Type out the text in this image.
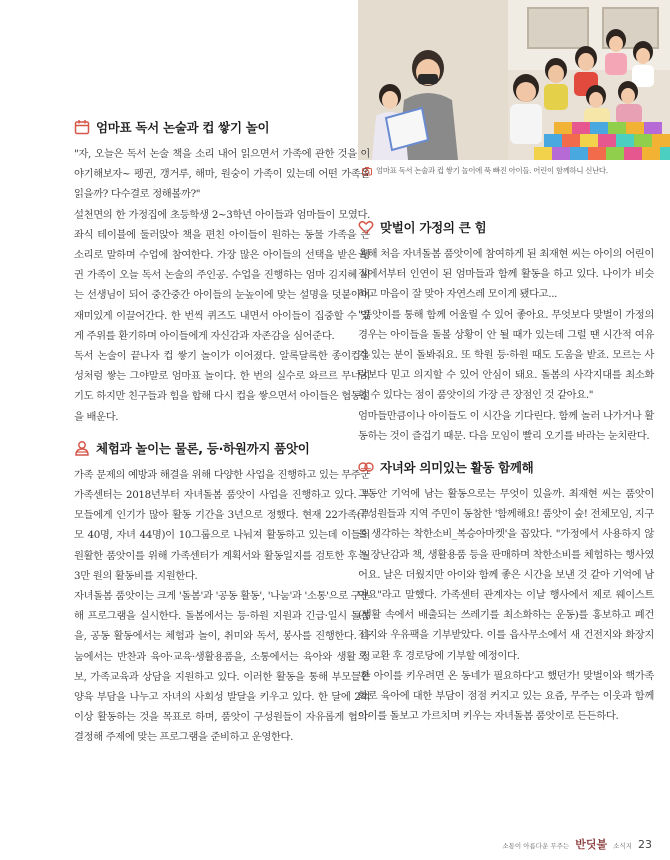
엄마표 독서 논술과 컵 쌓기 놀이에 푹 빠진 아이들. 어린이 함께하니 신난다.
엄마표 독서 논술과 컵 쌓기 놀이

"자, 오늘은 독서 논술 책을 소리 내어 읽으면서 가족에 관한 것을 이야기해보자~ 펭귄, 갱거루, 해마, 원숭이 가족이 있는데 어떤 가족을 읽을까? 다수결로 정해볼까?"

설천면의 한 가정집에 초등학생 2~3학년 아이들과 엄마들이 모였다. 좌식 테이블에 둘러앉아 책을 편친 아이들이 원하는 동물 가족을 큰 소리로 말하며 수업에 참여한다. 가장 많은 아이들의 선택을 받은 펭귄 가족이 오늘 독서 논술의 주인공. 수업을 진행하는 엄마 김지혜 씨는 선생님이 되어 중간중간 아이들의 눈높이에 맞는 설명을 덧붙이며 재미있게 이끌어간다. 한 번씩 퀴즈도 내면서 아이들이 집중할 수 있게 주위를 환기하며 아이들에게 자신감과 자존감을 심어준다.

독서 논술이 끝나자 컵 쌓기 놀이가 이어졌다. 알록달록한 종이컵을 성처럼 쌓는 그야말로 엄마표 놀이다. 한 번의 실수로 와르르 무너지기도 하지만 친구들과 힘을 합해 다시 컵을 쌓으면서 아이들은 협동심을 배운다.

체험과 놀이는 물론, 등·하원까지 품앗이

가족 문제의 예방과 해결을 위해 다양한 사업을 진행하고 있는 무주군가족센터는 2018년부터 자녀돌봄 품앗이 사업을 진행하고 있다. 부모들에게 인기가 많아 활동 기간을 3년으로 정했다. 현재 22가족(부모 40명, 자녀 44명)이 10그룹으로 나눠져 활동하고 있는데 이들의 원활한 품앗이를 위해 가족센터가 계획서와 활동일지를 검토한 후 월 3만 원의 활동비를 지원한다.

자녀돌봄 품앗이는 크게 '돌봄'과 '공동 활동', '나눔'과 '소통'으로 구분해 프로그램을 실시한다. 돌봄에서는 등·하원 지원과 긴급·일시 돌봄을, 공동 활동에서는 체험과 놀이, 취미와 독서, 봉사를 진행한다. 나눔에서는 반찬과 육아·교육·생활용품을, 소통에서는 육아와 생활 정보, 가족교육과 상담을 지원하고 있다. 이러한 활동을 통해 부모들은 양육 부담을 나누고 자녀의 사회성 발달을 키우고 있다. 한 달에 2회 이상 활동하는 것을 목표로 하며, 품앗이 구성원들이 자유롭게 협의·결정해 주제에 맞는 프로그램을 준비하고 운영한다.

맞벌이 가정의 큰 힘

올해 처음 자녀돌봄 품앗이에 참여하게 된 최재현 씨는 아이의 어린이집에서부터 인연이 된 엄마들과 함께 활동을 하고 있다. 나이가 비슷하고 마음이 잘 맞아 자연스레 모이게 됐다고...

"품앗이를 통해 함께 어울릴 수 있어 좋아요. 무엇보다 맞벌이 가정의 경우는 아이들을 돌볼 상황이 안 될 때가 있는데 그럴 땐 시간적 여유가 있는 분이 돌봐줘요. 또 학원 등·하원 때도 도움을 받죠. 모르는 사람보다 믿고 의지할 수 있어 안심이 돼요. 돌봄의 사각지대를 최소화할 수 있다는 점이 품앗이의 가장 큰 장점인 것 같아요."

엄마들만큼이나 아이들도 이 시간을 기다린다. 함께 놀러 나가거나 활동하는 것이 즐겁기 때문. 다음 모임이 빨리 오기를 바라는 눈치란다.

자녀와 의미있는 활동 함께해

그동안 기억에 남는 활동으로는 무엇이 있을까. 최재현 씨는 품앗이 구성원들과 지역 주민이 동참한 '함께해요! 품앗이 숲! 전체모임, 지구를 생각하는 착한소비_복승아마켓'을 꼽았다. "가정에서 사용하지 않는 장난감과 책, 생활용품 등을 판매하며 착한소비를 체험하는 행사였어요. 날은 더웠지만 아이와 함께 좋은 시간을 보낸 것 같아 기억에 남아요"라고 말했다. 가족센터 관계자는 이날 행사에서 제로 웨이스트(생활 속에서 배출되는 쓰레기를 최소화하는 운동)를 홍보하고 폐건전지와 우유팩을 기부받았다. 이를 읍사무소에서 새 건전지와 화장지로 교환 후 경로당에 기부할 예정이다.

'한 아이를 키우려면 온 동네가 필요하다'고 했던가! 맞벌이와 핵가족화로 육아에 대한 부담이 점점 커지고 있는 요즘, 무주는 이웃과 함께 아이를 돌보고 가르치며 키우는 자녀돌봄 품앗이로 든든하다.

소통이 아름다운 무주는 반딧불 소식지 23
